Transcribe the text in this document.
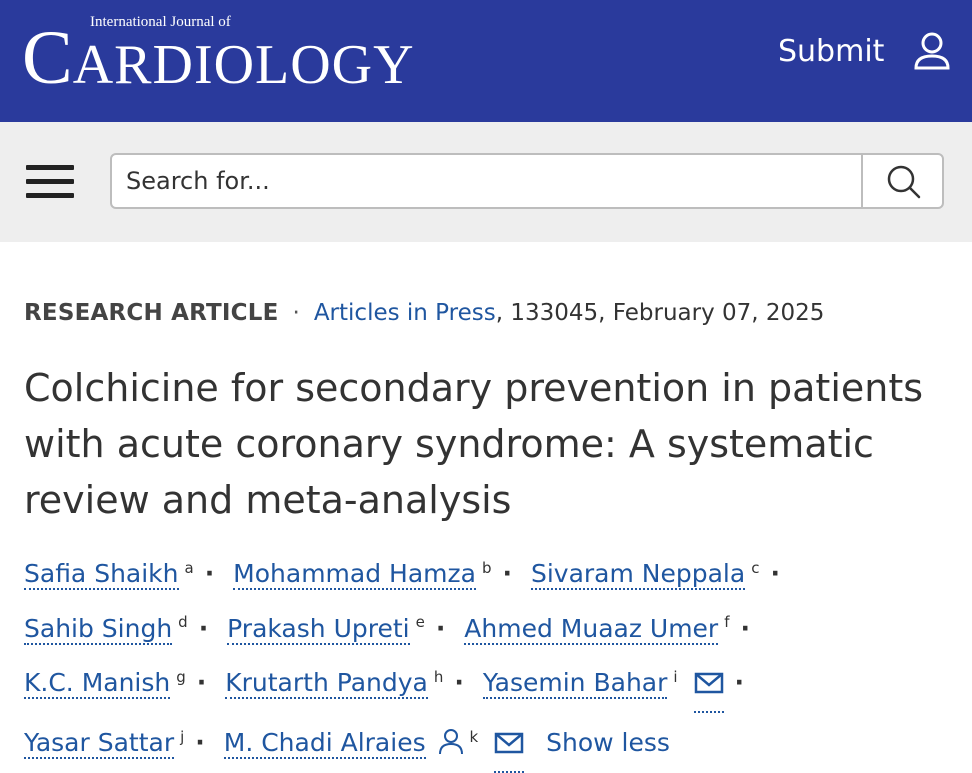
International Journal of
CARDIOLOGY	Submit
Search for...
RESEARCH ARTICLE · Articles in Press, 133045, February 07, 2025
Colchicine for secondary prevention in patients with acute coronary syndrome: A systematic review and meta-analysis
Safia Shaikh $^a$ · Mohammad Hamza $^b$ · Sivaram Neppala $^c$ ·
Sahib Singh $^d$ · Prakash Upreti $^e$ · Ahmed Muaaz Umer $^f$ ·
K.C. Manish $^g$ · Krutarth Pandya $^h$ · Yasemin Bahar $^i$ ·
Yasar Sattar $^j$ · M. Chadi Alraies	$^k$	Show less
